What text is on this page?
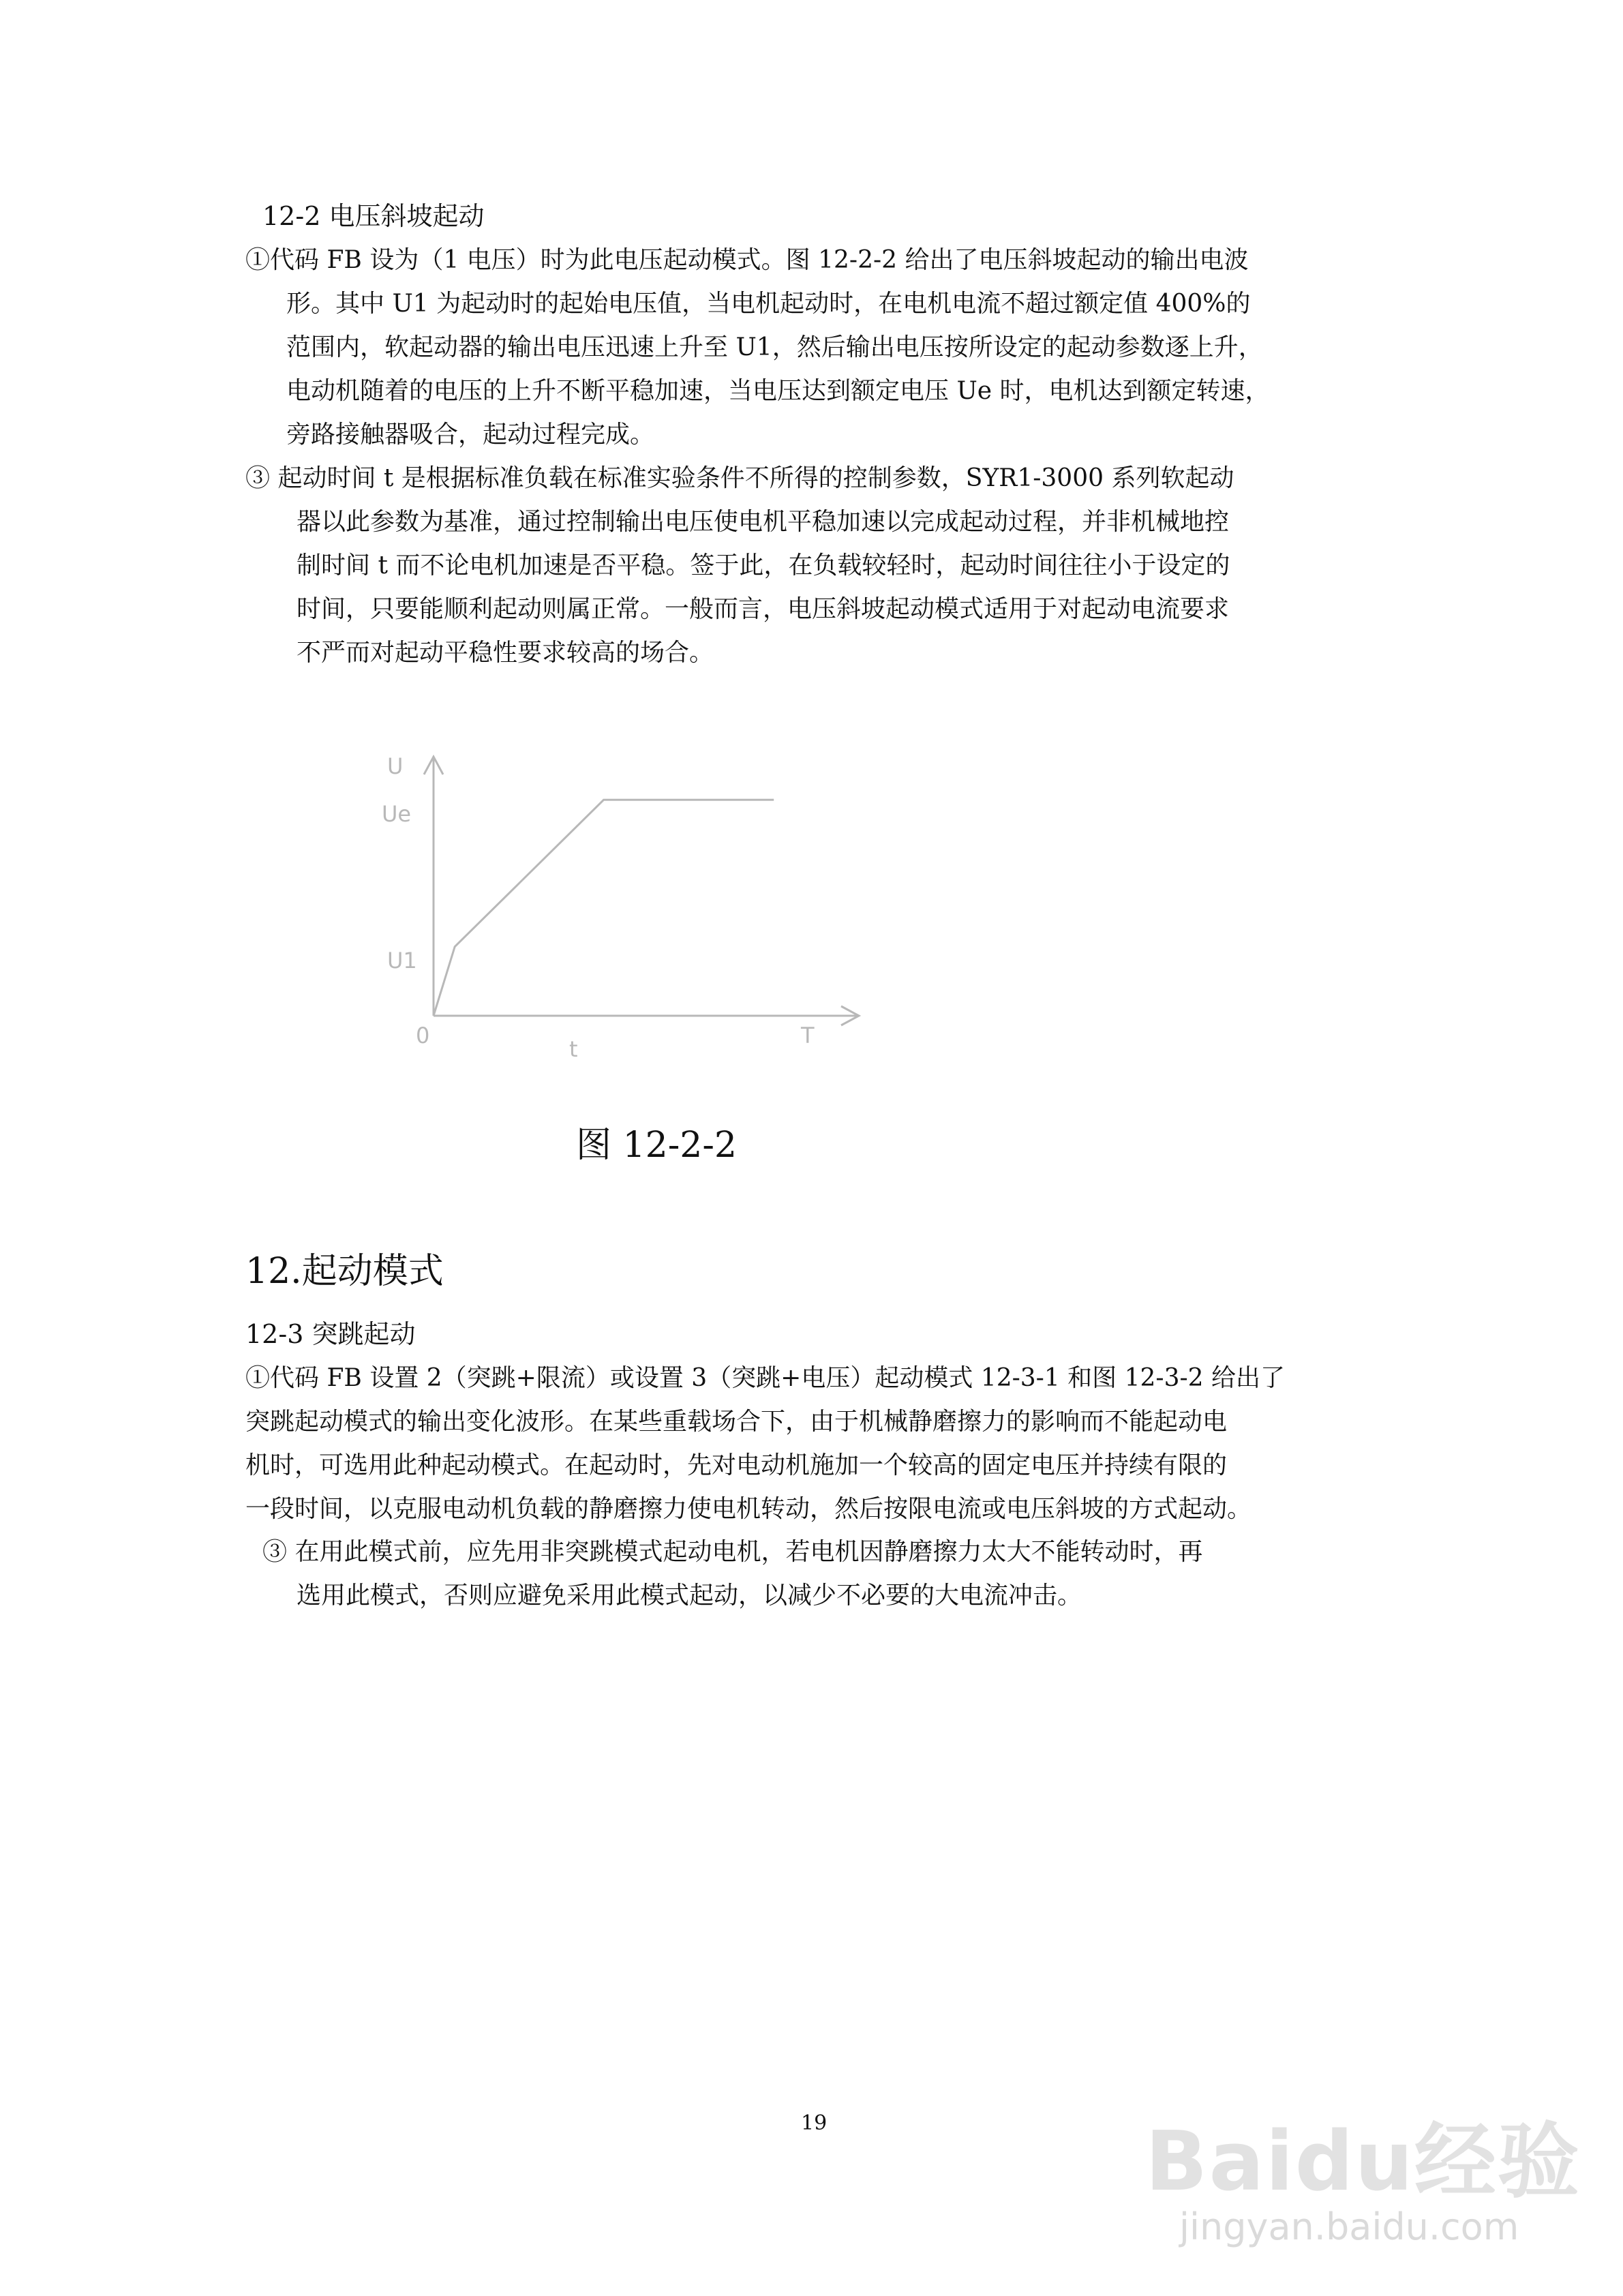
12-2 电压斜坡起动
①代码 FB 设为（1 电压）时为此电压起动模式。图 12-2-2 给出了电压斜坡起动的输出电波
形。其中 U1 为起动时的起始电压值，当电机起动时，在电机电流不超过额定值 400%的
范围内，软起动器的输出电压迅速上升至 U1，然后输出电压按所设定的起动参数逐上升，
电动机随着的电压的上升不断平稳加速，当电压达到额定电压 Ue 时，电机达到额定转速，
旁路接触器吸合，起动过程完成。
③ 起动时间 t 是根据标准负载在标准实验条件不所得的控制参数，SYR1-3000 系列软起动
器以此参数为基准，通过控制输出电压使电机平稳加速以完成起动过程，并非机械地控
制时间 t 而不论电机加速是否平稳。签于此，在负载较轻时，起动时间往往小于设定的
时间，只要能顺利起动则属正常。一般而言，电压斜坡起动模式适用于对起动电流要求
不严而对起动平稳性要求较高的场合。
U
Ue
U1
0
t
T
图 12-2-2
12.起动模式
12-3 突跳起动
①代码 FB 设置 2（突跳+限流）或设置 3（突跳+电压）起动模式 12-3-1 和图 12-3-2 给出了
突跳起动模式的输出变化波形。在某些重载场合下，由于机械静磨擦力的影响而不能起动电
机时，可选用此种起动模式。在起动时，先对电动机施加一个较高的固定电压并持续有限的
一段时间，以克服电动机负载的静磨擦力使电机转动，然后按限电流或电压斜坡的方式起动。
③ 在用此模式前，应先用非突跳模式起动电机，若电机因静磨擦力太大不能转动时，再
选用此模式，否则应避免采用此模式起动，以减少不必要的大电流冲击。
19	Baidu经验
jingyan.baidu.com
